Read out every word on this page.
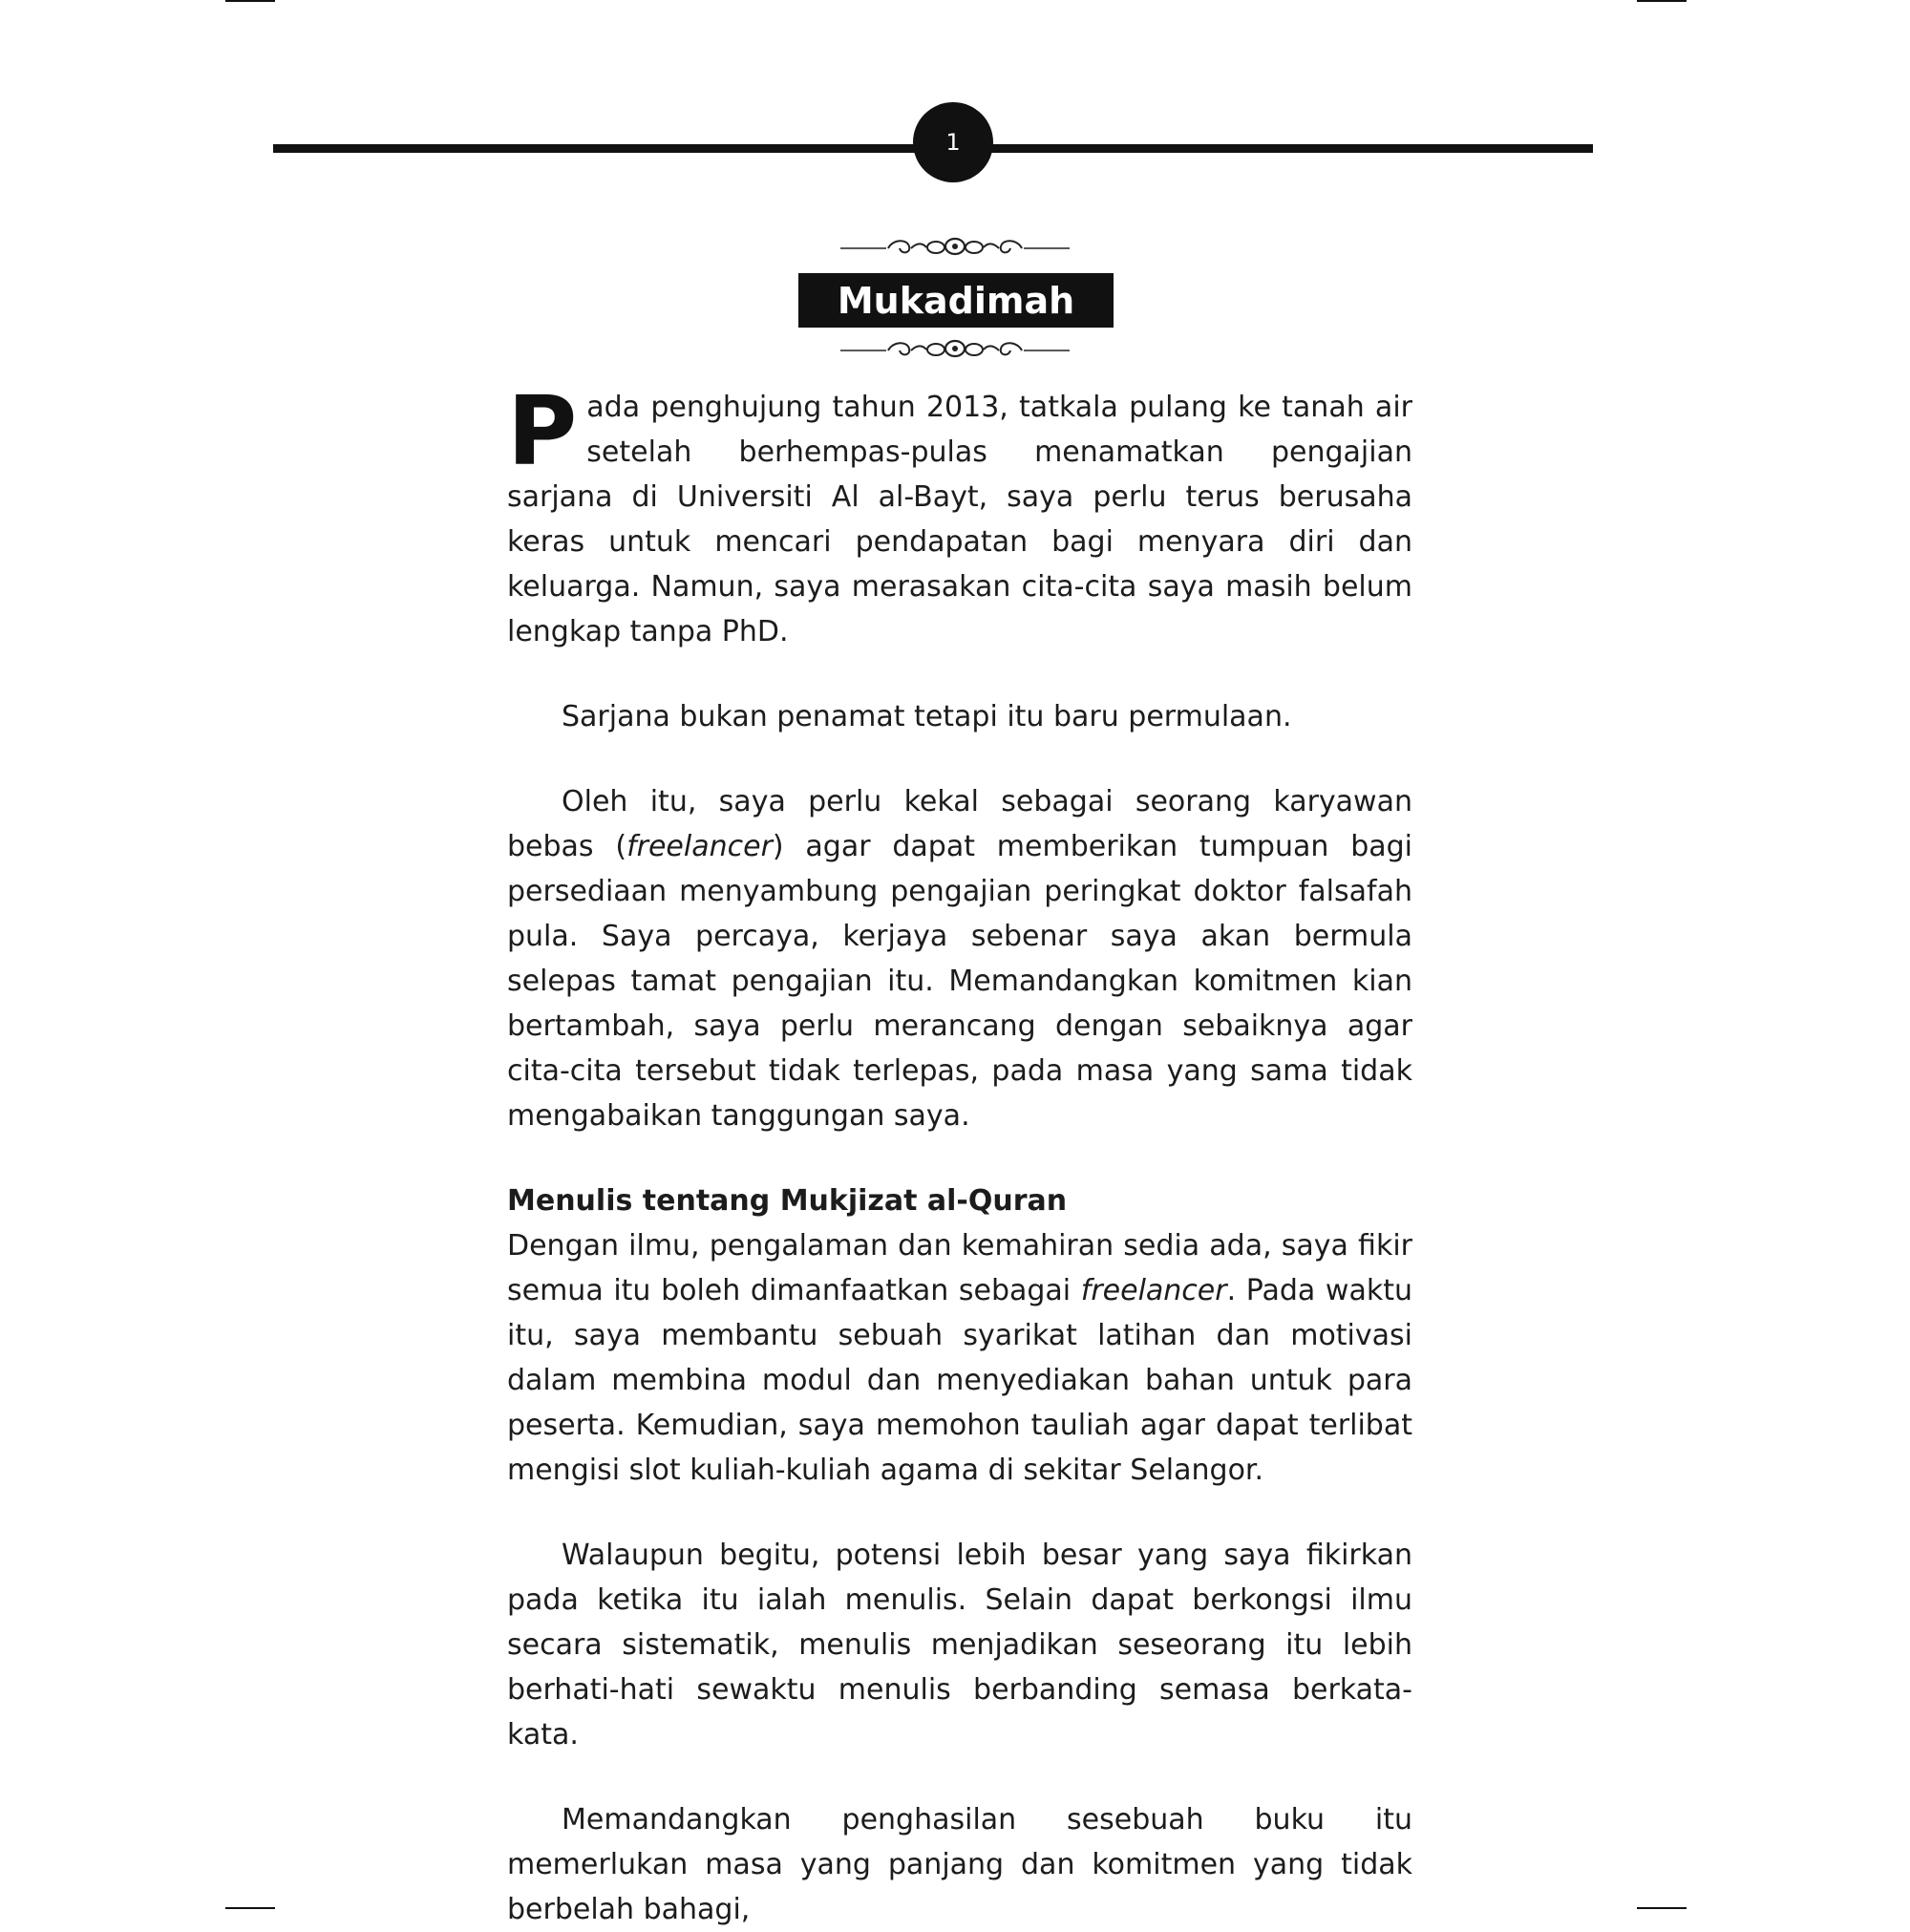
1
Mukadimah

Pada penghujung tahun 2013, tatkala pulang ke tanah air setelah berhempas-pulas menamatkan pengajian sarjana di Universiti Al al-Bayt, saya perlu terus berusaha keras untuk mencari pendapatan bagi menyara diri dan keluarga. Namun, saya merasakan cita-cita saya masih belum lengkap tanpa PhD.

Sarjana bukan penamat tetapi itu baru permulaan.

Oleh itu, saya perlu kekal sebagai seorang karyawan bebas (freelancer) agar dapat memberikan tumpuan bagi persediaan menyambung pengajian peringkat doktor falsafah pula. Saya percaya, kerjaya sebenar saya akan bermula selepas tamat pengajian itu. Memandangkan komitmen kian bertambah, saya perlu merancang dengan sebaiknya agar cita-cita tersebut tidak terlepas, pada masa yang sama tidak mengabaikan tanggungan saya.

Menulis tentang Mukjizat al-Quran

Dengan ilmu, pengalaman dan kemahiran sedia ada, saya fikir semua itu boleh dimanfaatkan sebagai freelancer. Pada waktu itu, saya membantu sebuah syarikat latihan dan motivasi dalam membina modul dan menyediakan bahan untuk para peserta. Kemudian, saya memohon tauliah agar dapat terlibat mengisi slot kuliah-kuliah agama di sekitar Selangor.

Walaupun begitu, potensi lebih besar yang saya fikirkan pada ketika itu ialah menulis. Selain dapat berkongsi ilmu secara sistematik, menulis menjadikan seseorang itu lebih berhati-hati sewaktu menulis berbanding semasa berkata-kata.

Memandangkan penghasilan sesebuah buku itu memerlukan masa yang panjang dan komitmen yang tidak berbelah bahagi,
